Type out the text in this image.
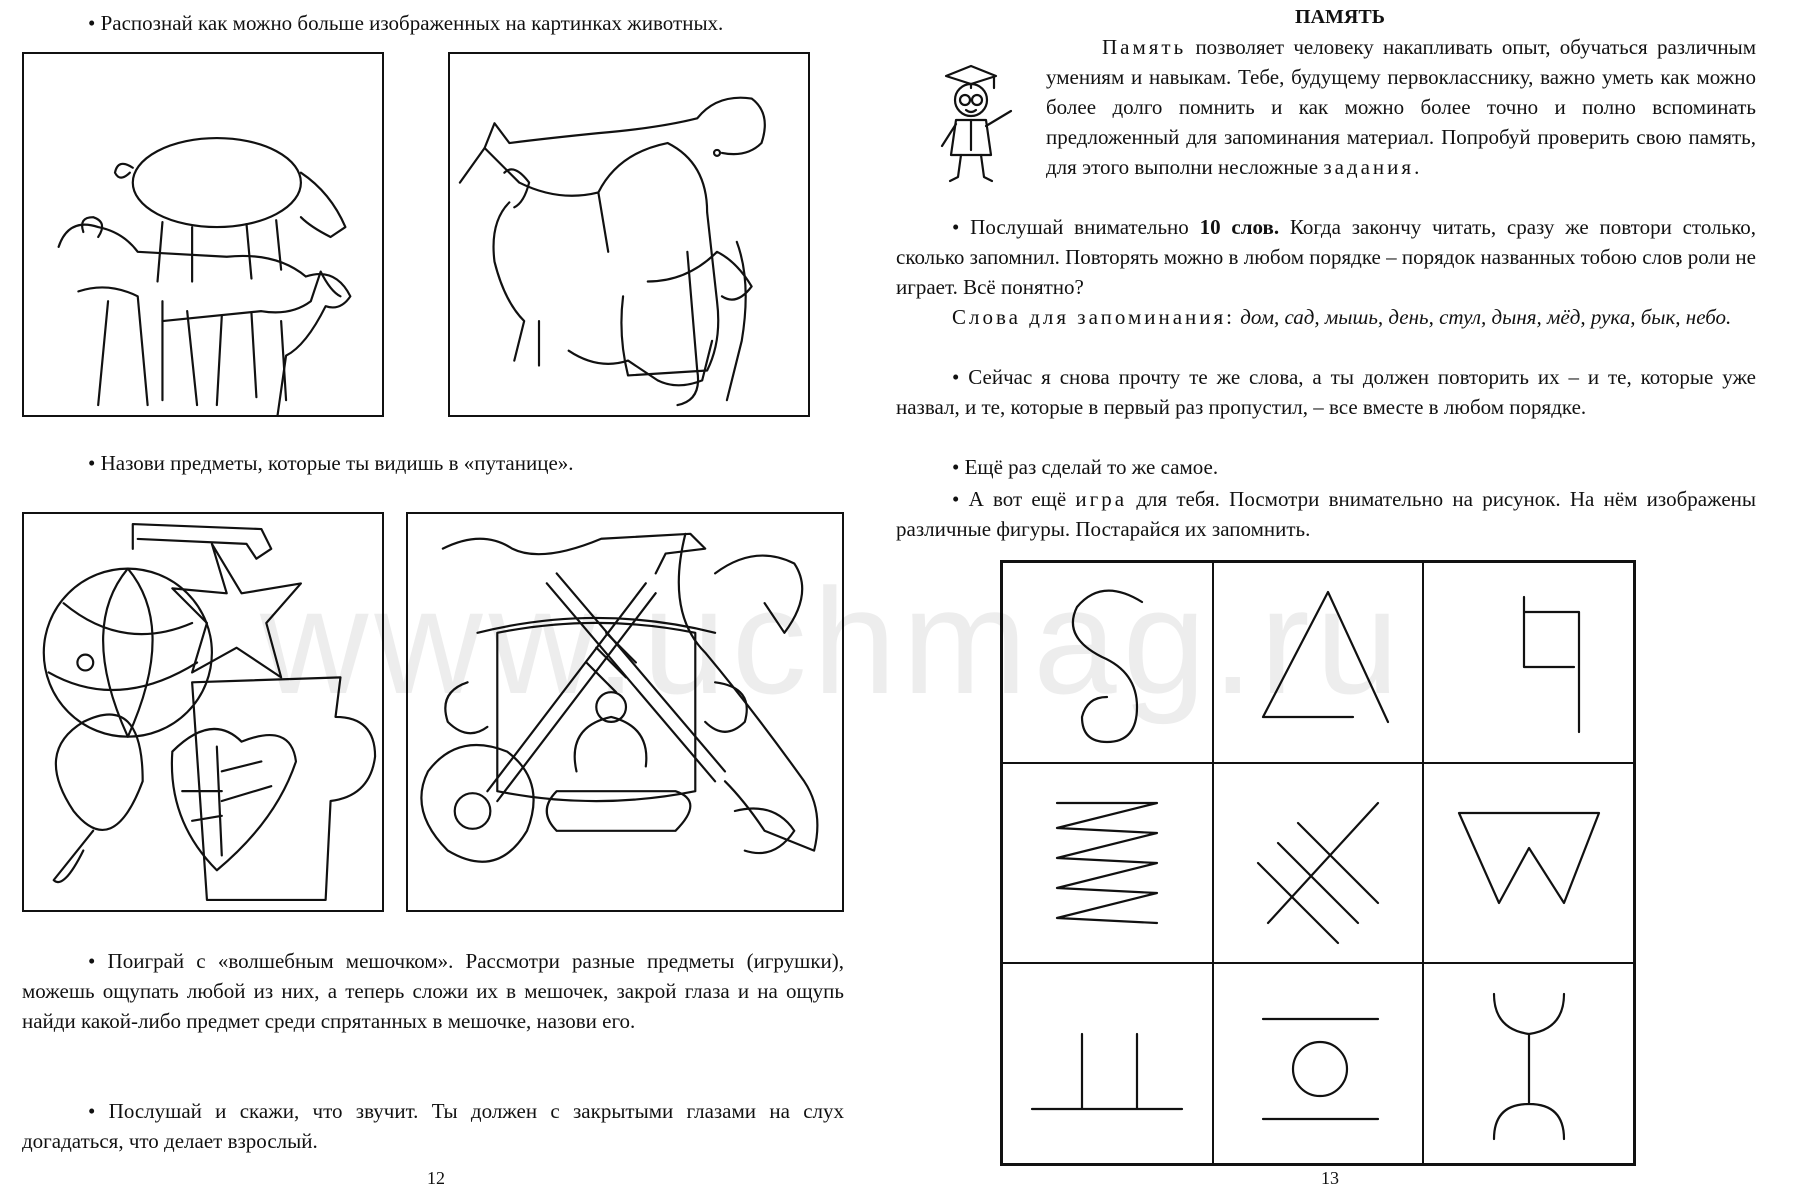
• Распознай как можно больше изображенных на картинках животных.
• Назови предметы, которые ты видишь в «путанице».
• Поиграй с «волшебным мешочком». Рассмотри разные предметы (игрушки), можешь ощупать любой из них, а теперь сложи их в мешочек, закрой глаза и на ощупь найди какой-либо предмет среди спрятанных в мешочке, назови его.
• Послушай и скажи, что звучит. Ты должен с закрытыми глазами на слух догадаться, что делает взрослый.
12
ПАМЯТЬ
Память позволяет человеку накапливать опыт, обучаться различным умениям и навыкам. Тебе, будущему первокласснику, важно уметь как можно более долго помнить и как можно более точно и полно вспоминать предложенный для запоминания материал. Попробуй проверить свою память, для этого выполни несложные задания.
• Послушай внимательно 10 слов. Когда закончу читать, сразу же повтори столько, сколько запомнил. Повторять можно в любом порядке – порядок названных тобою слов роли не играет. Всё понятно?
Слова для запоминания: дом, сад, мышь, день, стул, дыня, мёд, рука, бык, небо.
• Сейчас я снова прочту те же слова, а ты должен повторить их – и те, которые уже назвал, и те, которые в первый раз пропустил, – все вместе в любом порядке.
• Ещё раз сделай то же самое.
• А вот ещё игра для тебя. Посмотри внимательно на рисунок. На нём изображены различные фигуры. Постарайся их запомнить.
13
